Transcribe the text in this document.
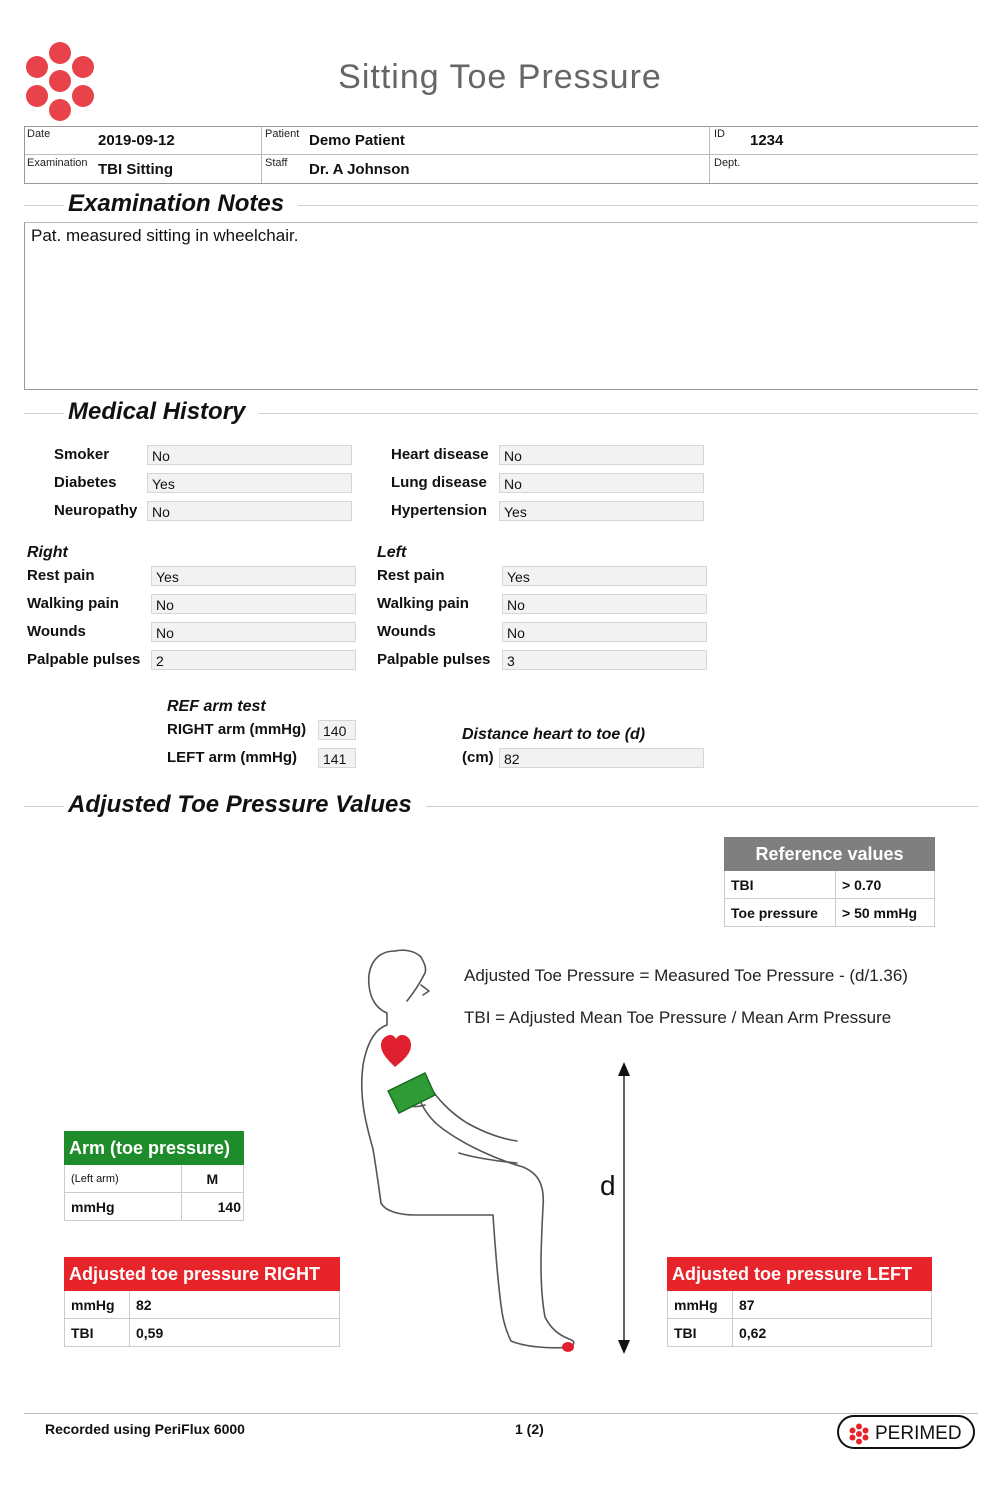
Sitting Toe Pressure
Date	2019-09-12	Patient Demo Patient	ID 1234
Examination TBI Sitting	Staff Dr. A Johnson	Dept.
Examination Notes
Pat. measured sitting in wheelchair.
Medical History
Smoker	No
Diabetes	Yes
Neuropathy	No
Heart disease	No
Lung disease	No
Hypertension	Yes
Right
Rest pain	Yes
Walking pain	No
Wounds	No
Palpable pulses	2
Left
Rest pain	Yes
Walking pain	No
Wounds	No
Palpable pulses	3
REF arm test
RIGHT arm (mmHg)	140
LEFT arm (mmHg)	141
Distance heart to toe (d)
(cm) 82
Adjusted Toe Pressure Values
Reference values	
TBI	> 0.70
Toe pressure	> 50 mmHg
Adjusted Toe Pressure = Measured Toe Pressure - (d/1.36)
TBI = Adjusted Mean Toe Pressure / Mean Arm Pressure
d
Arm (toe pressure)	
(Left arm)	M
mmHg	140
Adjusted toe pressure RIGHT	
mmHg	82
TBI	0,59
Adjusted toe pressure LEFT	
mmHg	87
TBI	0,62
Recorded using PeriFlux 6000	1 (2)	PERIMED
